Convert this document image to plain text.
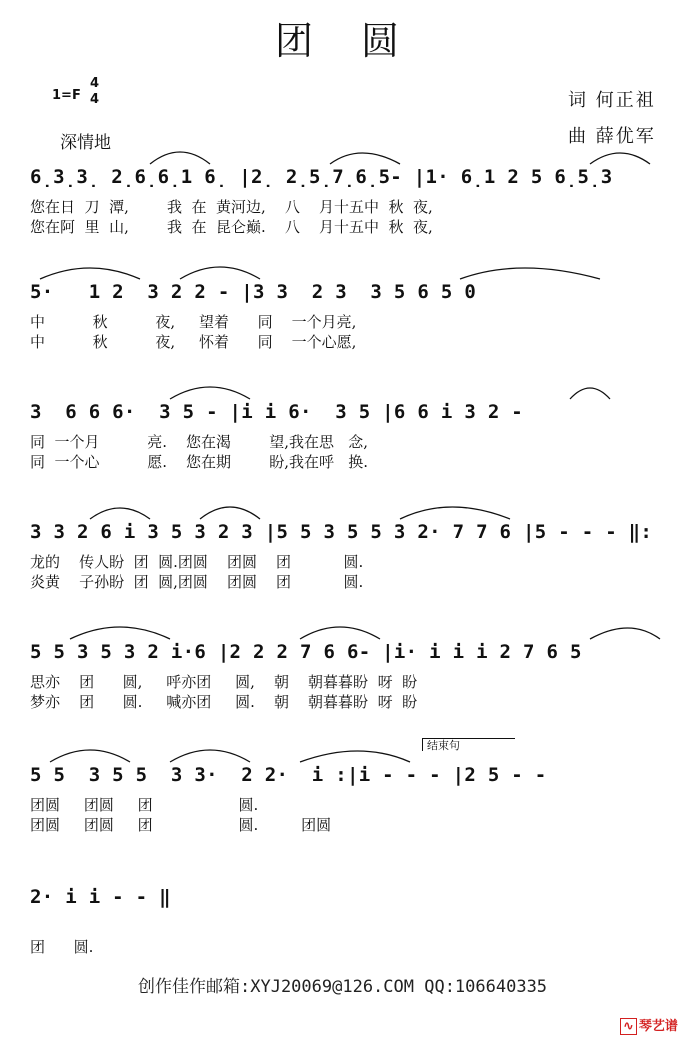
团 圆
1=F
4
4
深情地
词 何正祖
曲 薛优军
6̣3̣3̣ 2̣6̣6̣1 6̣ |2̣ 2̣5̣7̣6̣5- |1· 6̣1 2 5 6̣5̣3
您在日  刀  潭,        我  在  黄河边,    八    月十五中  秋  夜,
您在阿  里  山,        我  在  昆仑巅.    八    月十五中  秋  夜,
5·   1 2  3 2 2 - |3 3  2 3  3 5 6 5 0
中          秋          夜,     望着      同    一个月亮,
中          秋          夜,     怀着      同    一个心愿,
3  6 6 6·  3 5 - |i i 6·  3 5 |6 6 i 3 2 -
同  一个月          亮.    您在渴        望,我在思   念,
同  一个心          愿.    您在期        盼,我在呼   换.
3 3 2 6 i 3 5 3 2 3 |5 5 3 5 5 3 2· 7 7 6 |5 - - - ‖:
龙的    传人盼  团  圆.团圆    团圆    团           圆.
炎黄    子孙盼  团  圆,团圆    团圆    团           圆.
5 5 3 5 3 2 i·6 |2 2 2 7 6 6- |i· i i i 2 7 6 5
思亦    团      圆,     呼亦团     圆,    朝    朝暮暮盼  呀  盼
梦亦    团      圆.     喊亦团     圆.    朝    朝暮暮盼  呀  盼
结束句
5 5  3 5 5  3 3·  2 2·  i :|i - - - |2 5 - -
团圆     团圆     团                  圆.
团圆     团圆     团                  圆.         团圆
2· i i - - ‖
团      圆.
创作佳作邮箱:XYJ20069@126.COM QQ:106640335
∿ 琴艺谱
